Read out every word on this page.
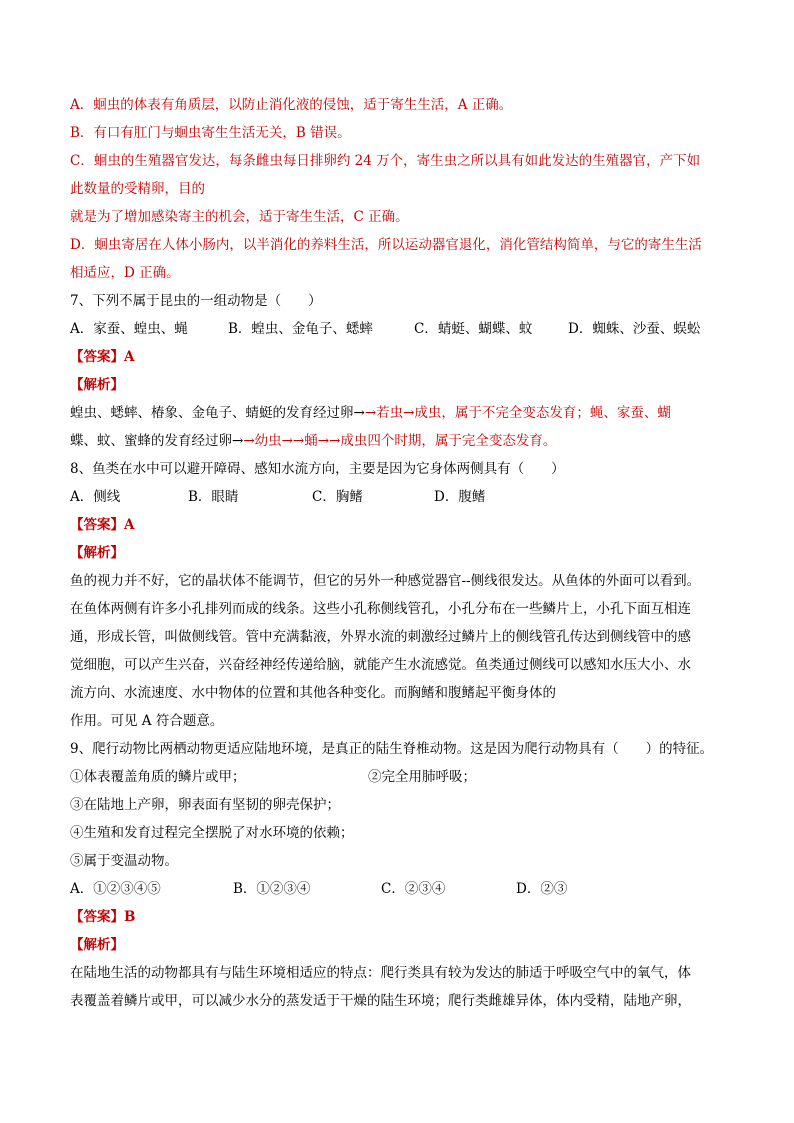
A．蛔虫的体表有角质层，以防止消化液的侵蚀，适于寄生生活，A 正确。
B．有口有肛门与蛔虫寄生生活无关，B 错误。
C．蛔虫的生殖器官发达，每条雌虫每日排卵约 24 万个，寄生虫之所以具有如此发达的生殖器官，产下如
此数量的受精卵，目的
就是为了增加感染寄主的机会，适于寄生生活，C 正确。
D．蛔虫寄居在人体小肠内，以半消化的养料生活，所以运动器官退化，消化管结构简单，与它的寄生生活
相适应，D 正确。
7、下列不属于昆虫的一组动物是（　　）
A．家蚕、蝗虫、蝇	B．蝗虫、金龟子、蟋蟀	C．蜻蜓、蝴蝶、蚊	D．蜘蛛、沙蚕、蜈蚣
【答案】A
【解析】
蝗虫、蟋蟀、椿象、金龟子、蜻蜓的发育经过卵→→若虫→成虫，属于不完全变态发育；蝇、家蚕、蝴
蝶、蚊、蜜蜂的发育经过卵→→幼虫→→蛹→→成虫四个时期，属于完全变态发育。
8、鱼类在水中可以避开障碍、感知水流方向，主要是因为它身体两侧具有（　　）
A．侧线	B．眼睛	C．胸鳍	D．腹鳍
【答案】A
【解析】
鱼的视力并不好，它的晶状体不能调节，但它的另外一种感觉器官--侧线很发达。从鱼体的外面可以看到。
在鱼体两侧有许多小孔排列而成的线条。这些小孔称侧线管孔，小孔分布在一些鳞片上，小孔下面互相连
通，形成长管，叫做侧线管。管中充满黏液，外界水流的刺激经过鳞片上的侧线管孔传达到侧线管中的感
觉细胞，可以产生兴奋，兴奋经神经传递给脑，就能产生水流感觉。鱼类通过侧线可以感知水压大小、水
流方向、水流速度、水中物体的位置和其他各种变化。而胸鳍和腹鳍起平衡身体的
作用。可见 A 符合题意。
9、爬行动物比两栖动物更适应陆地环境，是真正的陆生脊椎动物。这是因为爬行动物具有（　　）的特征。
①体表覆盖角质的鳞片或甲；	②完全用肺呼吸；
③在陆地上产卵，卵表面有坚韧的卵壳保护；
④生殖和发育过程完全摆脱了对水环境的依赖；
⑤属于变温动物。
A．①②③④⑤	B．①②③④	C．②③④	D．②③
【答案】B
【解析】
在陆地生活的动物都具有与陆生环境相适应的特点：爬行类具有较为发达的肺适于呼吸空气中的氧气，体
表覆盖着鳞片或甲，可以减少水分的蒸发适于干燥的陆生环境；爬行类雌雄异体，体内受精，陆地产卵，
